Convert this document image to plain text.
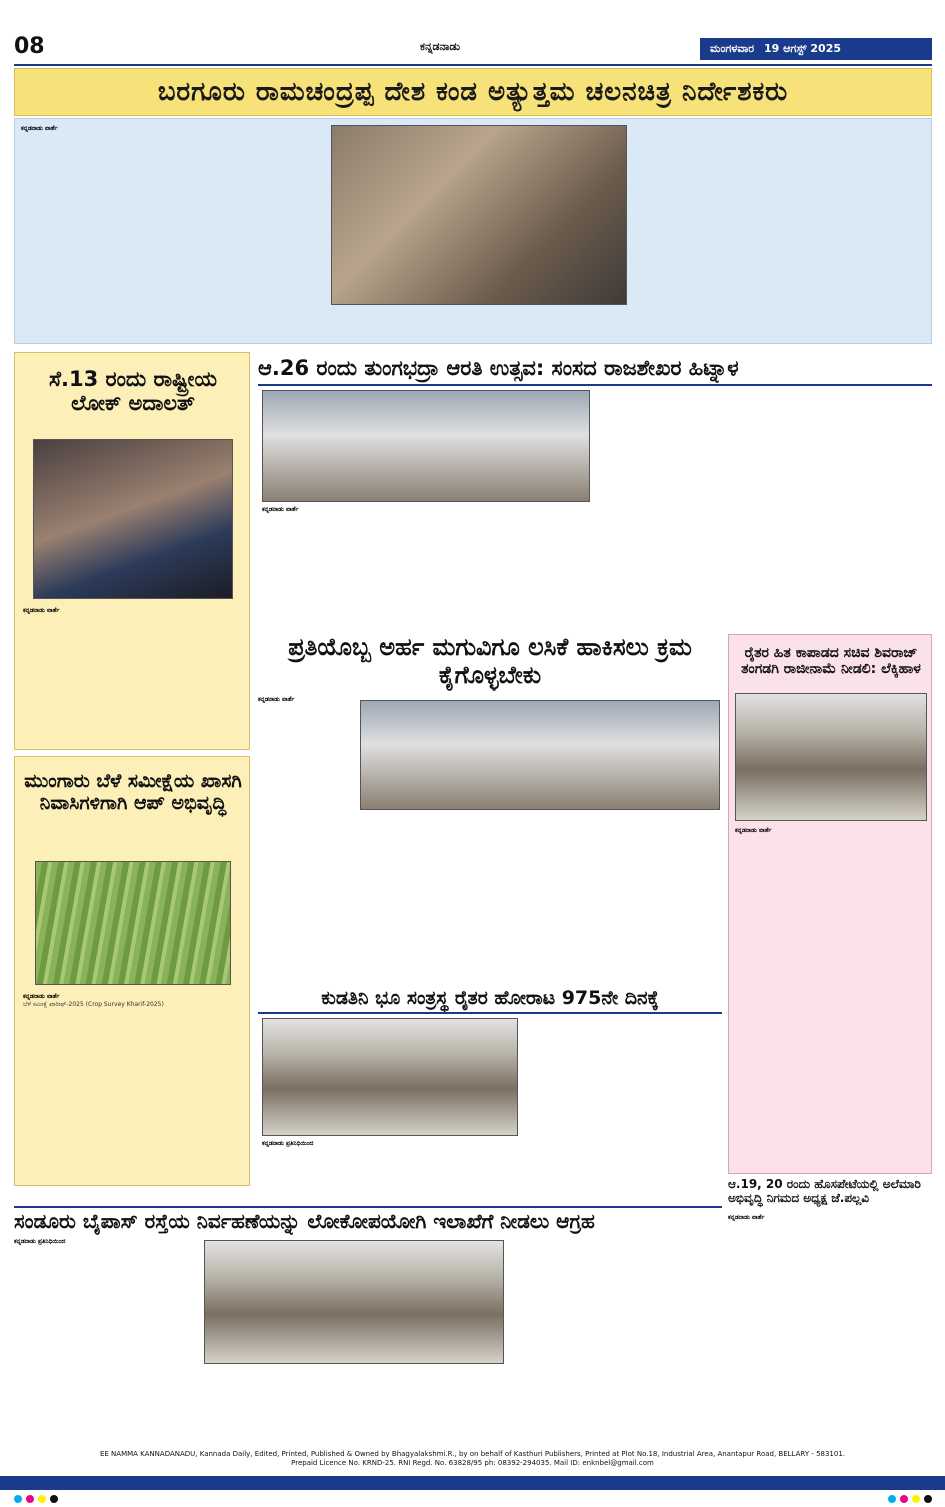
08	ಕನ್ನಡನಾಡು	ಮಂಗಳವಾರ 19 ಆಗಸ್ಟ್ 2025
ಬರಗೂರು ರಾಮಚಂದ್ರಪ್ಪ ದೇಶ ಕಂಡ ಅತ್ಯುತ್ತಮ ಚಲನಚಿತ್ರ ನಿರ್ದೇಶಕರು
ಕನ್ನಡನಾಡು ವಾರ್ತೆ
ಸೆ.13 ರಂದು ರಾಷ್ಟ್ರೀಯ ಲೋಕ್ ಅದಾಲತ್
ಕನ್ನಡನಾಡು ವಾರ್ತೆ
ಮುಂಗಾರು ಬೆಳೆ ಸಮೀಕ್ಷೆಯ ಖಾಸಗಿ ನಿವಾಸಿಗಳಿಗಾಗಿ ಆಪ್ ಅಭಿವೃದ್ಧಿ
ಕನ್ನಡನಾಡು ವಾರ್ತೆ
ಬೆಳೆ ಸಮೀಕ್ಷೆ ಖಾರೀಫ್-2025 (Crop Survey Kharif-2025)
ಆ.26 ರಂದು ತುಂಗಭದ್ರಾ ಆರತಿ ಉತ್ಸವ: ಸಂಸದ ರಾಜಶೇಖರ ಹಿಟ್ನಾಳ
ಕನ್ನಡನಾಡು ವಾರ್ತೆ
ಪ್ರತಿಯೊಬ್ಬ ಅರ್ಹ ಮಗುವಿಗೂ ಲಸಿಕೆ ಹಾಕಿಸಲು ಕ್ರಮ ಕೈಗೊಳ್ಳಬೇಕು
ಕನ್ನಡನಾಡು ವಾರ್ತೆ
ರೈತರ ಹಿತ ಕಾಪಾಡದ ಸಚಿವ ಶಿವರಾಜ್ ತಂಗಡಗಿ ರಾಜೀನಾಮೆ ನೀಡಲಿ: ಲೆಕ್ಕಿಹಾಳ
ಕನ್ನಡನಾಡು ವಾರ್ತೆ
ಕುಡತಿನಿ ಭೂ ಸಂತ್ರಸ್ಥ ರೈತರ ಹೋರಾಟ 975ನೇ ದಿನಕ್ಕೆ
ಕನ್ನಡನಾಡು ಪ್ರತಿನಿಧಿಯಿಂದ
ಆ.19, 20 ರಂದು ಹೊಸಪೇಟೆಯಲ್ಲಿ ಅಲೆಮಾರಿ ಅಭಿವೃದ್ಧಿ ನಿಗಮದ ಅಧ್ಯಕ್ಷ ಜೆ.ಪಲ್ಲವಿ
ಕನ್ನಡನಾಡು ವಾರ್ತೆ
ಸಂಡೂರು ಬೈಪಾಸ್ ರಸ್ತೆಯ ನಿರ್ವಹಣೆಯನ್ನು ಲೋಕೋಪಯೋಗಿ ಇಲಾಖೆಗೆ ನೀಡಲು ಆಗ್ರಹ
ಕನ್ನಡನಾಡು ಪ್ರತಿನಿಧಿಯಿಂದ
EE NAMMA KANNADANADU, Kannada Daily, Edited, Printed, Published & Owned by Bhagyalakshmi.R., by on behalf of Kasthuri Publishers, Printed at Plot No.18, Industrial Area, Anantapur Road, BELLARY - 583101.
Prepaid Licence No. KRND-25. RNI Regd. No. 63828/95 ph: 08392-294035. Mail ID: enknbel@gmail.com
